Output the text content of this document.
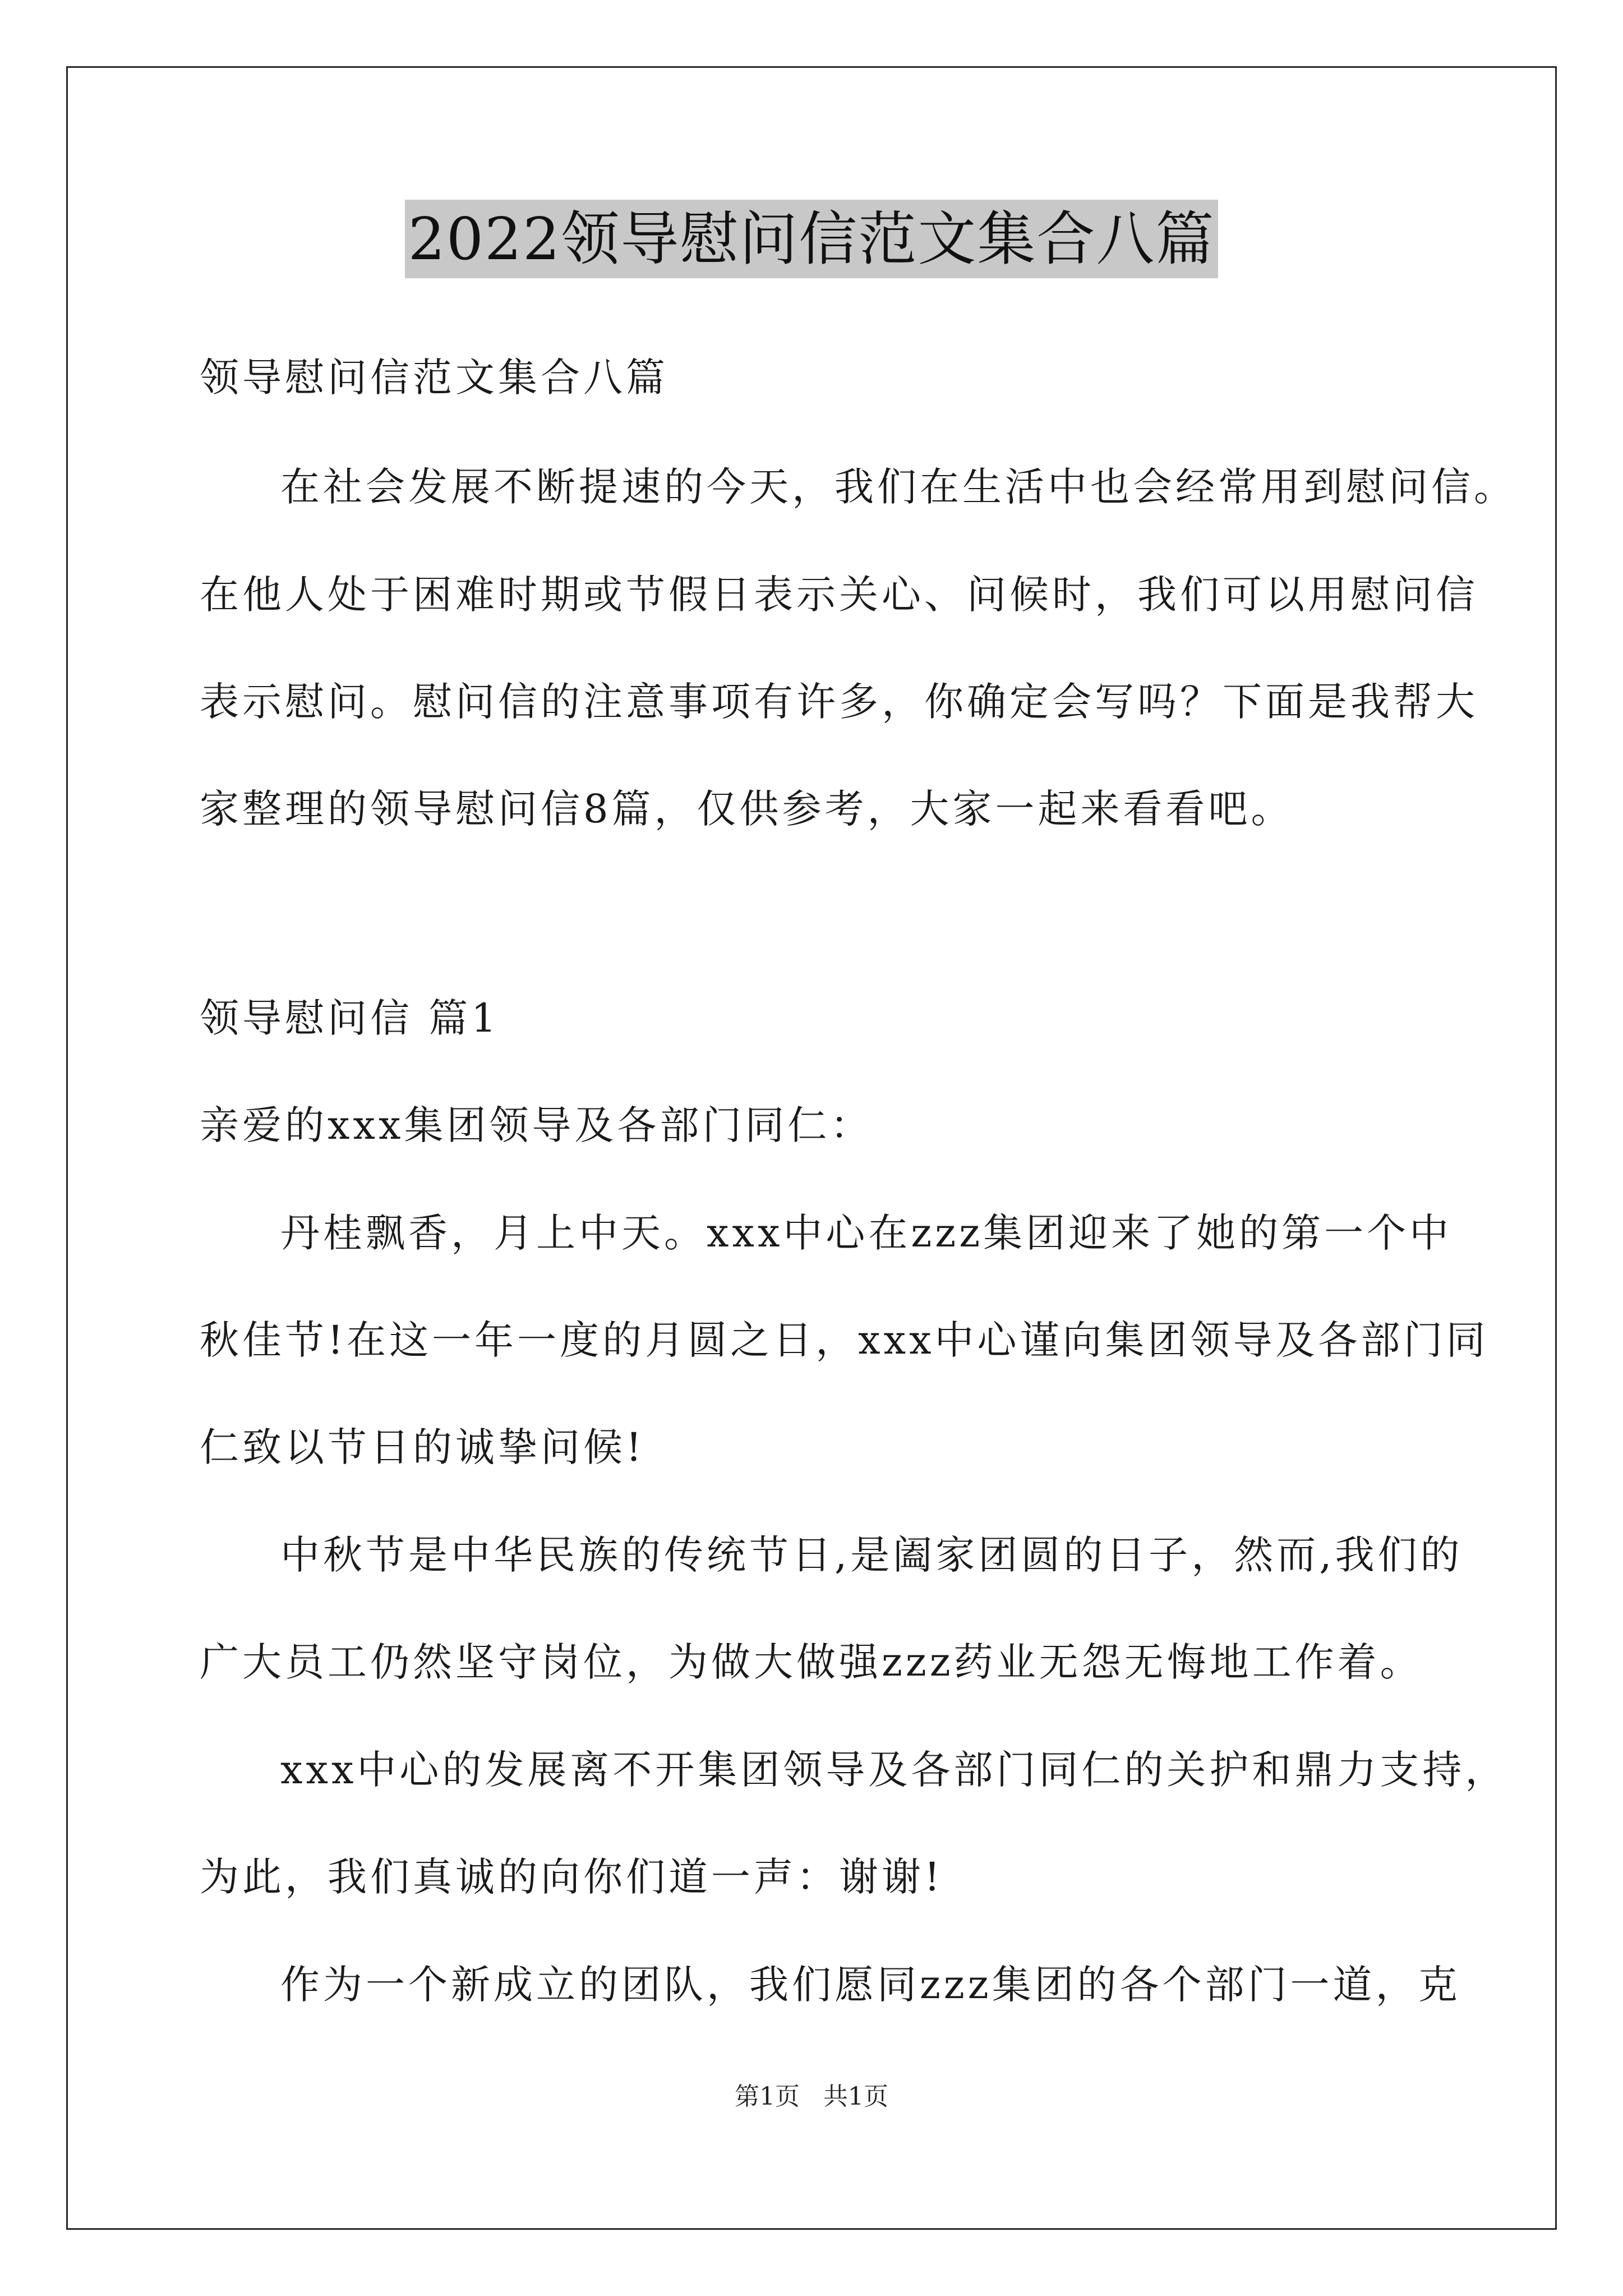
2022领导慰问信范文集合八篇
领导慰问信范文集合八篇
在社会发展不断提速的今天，我们在生活中也会经常用到慰问信。
在他人处于困难时期或节假日表示关心、问候时，我们可以用慰问信
表示慰问。慰问信的注意事项有许多，你确定会写吗？下面是我帮大
家整理的领导慰问信8篇，仅供参考，大家一起来看看吧。
领导慰问信 篇1
亲爱的xxx集团领导及各部门同仁：
丹桂飘香，月上中天。xxx中心在zzz集团迎来了她的第一个中
秋佳节!在这一年一度的月圆之日，xxx中心谨向集团领导及各部门同
仁致以节日的诚挚问候!
中秋节是中华民族的传统节日,是阖家团圆的日子，然而,我们的
广大员工仍然坚守岗位，为做大做强zzz药业无怨无悔地工作着。
xxx中心的发展离不开集团领导及各部门同仁的关护和鼎力支持，
为此，我们真诚的向你们道一声：谢谢!
作为一个新成立的团队，我们愿同zzz集团的各个部门一道，克
第1页 共1页
